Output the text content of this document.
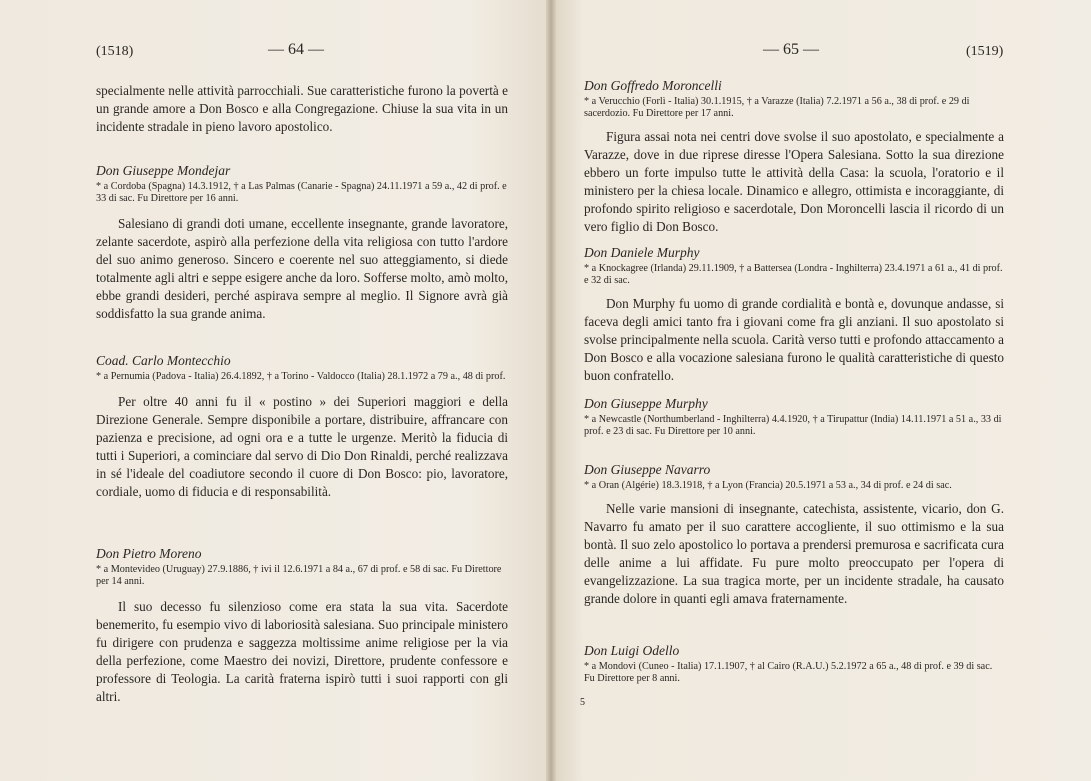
(1518)	— 64 —

specialmente nelle attività parrocchiali. Sue caratteristiche furono la povertà e un grande amore a Don Bosco e alla Congregazione. Chiuse la sua vita in un incidente stradale in pieno lavoro apostolico.

Don Giuseppe Mondejar

* a Cordoba (Spagna) 14.3.1912, † a Las Palmas (Canarie - Spagna) 24.11.1971 a 59 a., 42 di prof. e 33 di sac. Fu Direttore per 16 anni.

Salesiano di grandi doti umane, eccellente insegnante, grande lavoratore, zelante sacerdote, aspirò alla perfezione della vita religiosa con tutto l'ardore del suo animo generoso. Sincero e coerente nel suo atteggiamento, si diede totalmente agli altri e seppe esigere anche da loro. Sofferse molto, amò molto, ebbe grandi desideri, perché aspirava sempre al meglio. Il Signore avrà già soddisfatto la sua grande anima.

Coad. Carlo Montecchio

* a Pernumia (Padova - Italia) 26.4.1892, † a Torino - Valdocco (Italia) 28.1.1972 a 79 a., 48 di prof.

Per oltre 40 anni fu il « postino » dei Superiori maggiori e della Direzione Generale. Sempre disponibile a portare, distribuire, affrancare con pazienza e precisione, ad ogni ora e a tutte le urgenze. Meritò la fiducia di tutti i Superiori, a cominciare dal servo di Dio Don Rinaldi, perché realizzava in sé l'ideale del coadiutore secondo il cuore di Don Bosco: pio, lavoratore, cordiale, uomo di fiducia e di responsabilità.

Don Pietro Moreno

* a Montevideo (Uruguay) 27.9.1886, † ivi il 12.6.1971 a 84 a., 67 di prof. e 58 di sac. Fu Direttore per 14 anni.

Il suo decesso fu silenzioso come era stata la sua vita. Sacerdote benemerito, fu esempio vivo di laboriosità salesiana. Suo principale ministero fu dirigere con prudenza e saggezza moltissime anime religiose per la via della perfezione, come Maestro dei novizi, Direttore, prudente confessore e professore di Teologia. La carità fraterna ispirò tutti i suoi rapporti con gli altri.

— 65 —	(1519)

Don Goffredo Moroncelli

* a Verucchio (Forlì - Italia) 30.1.1915, † a Varazze (Italia) 7.2.1971 a 56 a., 38 di prof. e 29 di sacerdozio. Fu Direttore per 17 anni.

Figura assai nota nei centri dove svolse il suo apostolato, e specialmente a Varazze, dove in due riprese diresse l'Opera Salesiana. Sotto la sua direzione ebbero un forte impulso tutte le attività della Casa: la scuola, l'oratorio e il ministero per la chiesa locale. Dinamico e allegro, ottimista e incoraggiante, di profondo spirito religioso e sacerdotale, Don Moroncelli lascia il ricordo di un vero figlio di Don Bosco.

Don Daniele Murphy

* a Knockagree (Irlanda) 29.11.1909, † a Battersea (Londra - Inghilterra) 23.4.1971 a 61 a., 41 di prof. e 32 di sac.

Don Murphy fu uomo di grande cordialità e bontà e, dovunque andasse, si faceva degli amici tanto fra i giovani come fra gli anziani. Il suo apostolato si svolse principalmente nella scuola. Carità verso tutti e profondo attaccamento a Don Bosco e alla vocazione salesiana furono le qualità caratteristiche di questo buon confratello.

Don Giuseppe Murphy

* a Newcastle (Northumberland - Inghilterra) 4.4.1920, † a Tirupattur (India) 14.11.1971 a 51 a., 33 di prof. e 23 di sac. Fu Direttore per 10 anni.

Don Giuseppe Navarro

* a Oran (Algérie) 18.3.1918, † a Lyon (Francia) 20.5.1971 a 53 a., 34 di prof. e 24 di sac.

Nelle varie mansioni di insegnante, catechista, assistente, vicario, don G. Navarro fu amato per il suo carattere accogliente, il suo ottimismo e la sua bontà. Il suo zelo apostolico lo portava a prendersi premurosa e sacrificata cura delle anime a lui affidate. Fu pure molto preoccupato per l'opera di evangelizzazione. La sua tragica morte, per un incidente stradale, ha causato grande dolore in quanti egli amava fraternamente.

Don Luigi Odello

* a Mondovì (Cuneo - Italia) 17.1.1907, † al Cairo (R.A.U.) 5.2.1972 a 65 a., 48 di prof. e 39 di sac. Fu Direttore per 8 anni.

5
